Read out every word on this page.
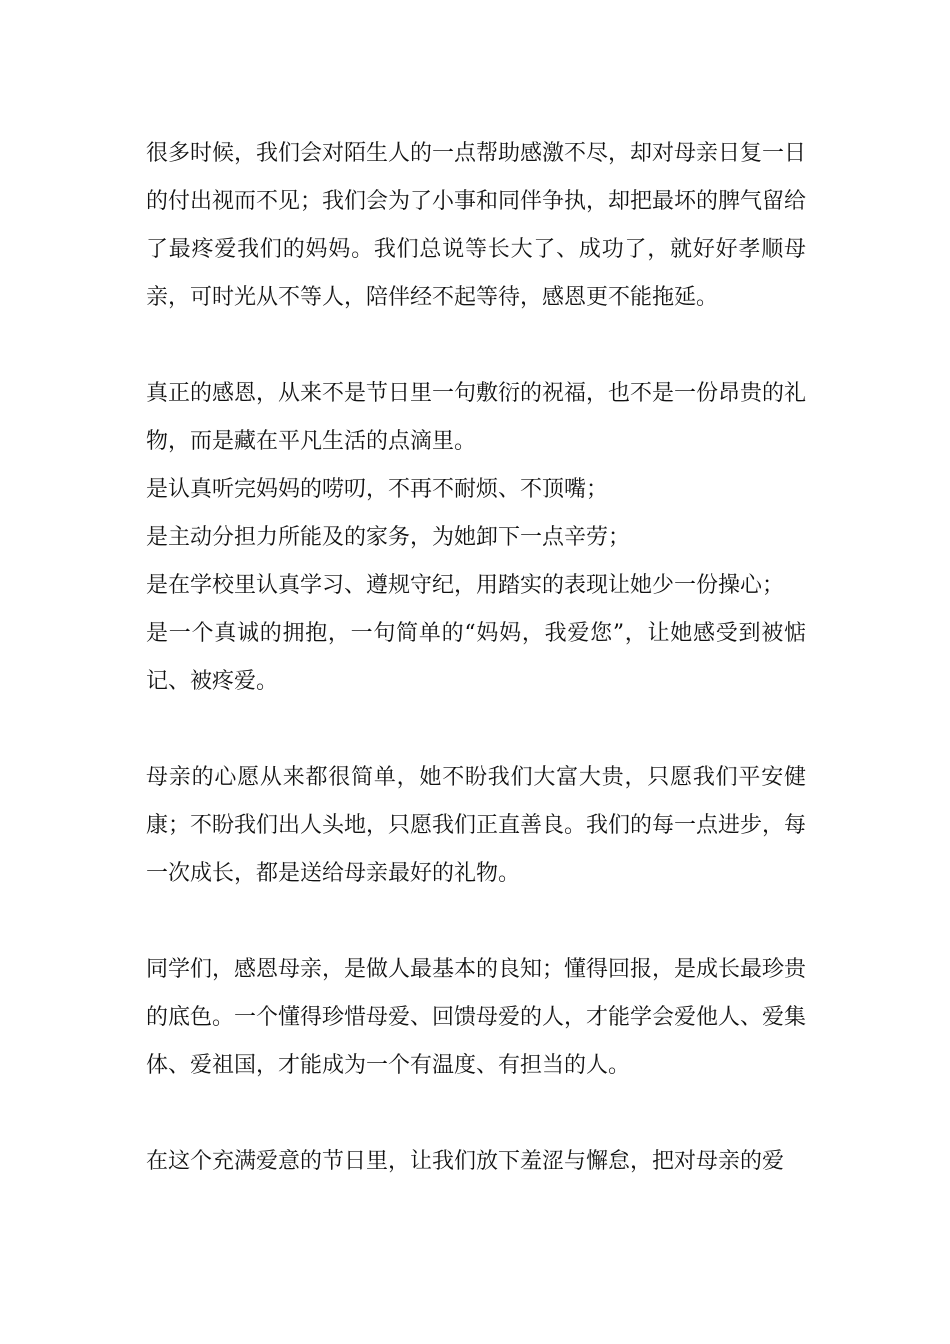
很多时候，我们会对陌生人的一点帮助感激不尽，却对母亲日复一日的付出视而不见；我们会为了小事和同伴争执，却把最坏的脾气留给了最疼爱我们的妈妈。我们总说等长大了、成功了，就好好孝顺母亲，可时光从不等人，陪伴经不起等待，感恩更不能拖延。

真正的感恩，从来不是节日里一句敷衍的祝福，也不是一份昂贵的礼物，而是藏在平凡生活的点滴里。

是认真听完妈妈的唠叨，不再不耐烦、不顶嘴；

是主动分担力所能及的家务，为她卸下一点辛劳；

是在学校里认真学习、遵规守纪，用踏实的表现让她少一份操心；

是一个真诚的拥抱，一句简单的“妈妈，我爱您”，让她感受到被惦记、被疼爱。

母亲的心愿从来都很简单，她不盼我们大富大贵，只愿我们平安健康；不盼我们出人头地，只愿我们正直善良。我们的每一点进步，每一次成长，都是送给母亲最好的礼物。

同学们，感恩母亲，是做人最基本的良知；懂得回报，是成长最珍贵的底色。一个懂得珍惜母爱、回馈母爱的人，才能学会爱他人、爱集体、爱祖国，才能成为一个有温度、有担当的人。

在这个充满爱意的节日里，让我们放下羞涩与懈怠，把对母亲的爱
